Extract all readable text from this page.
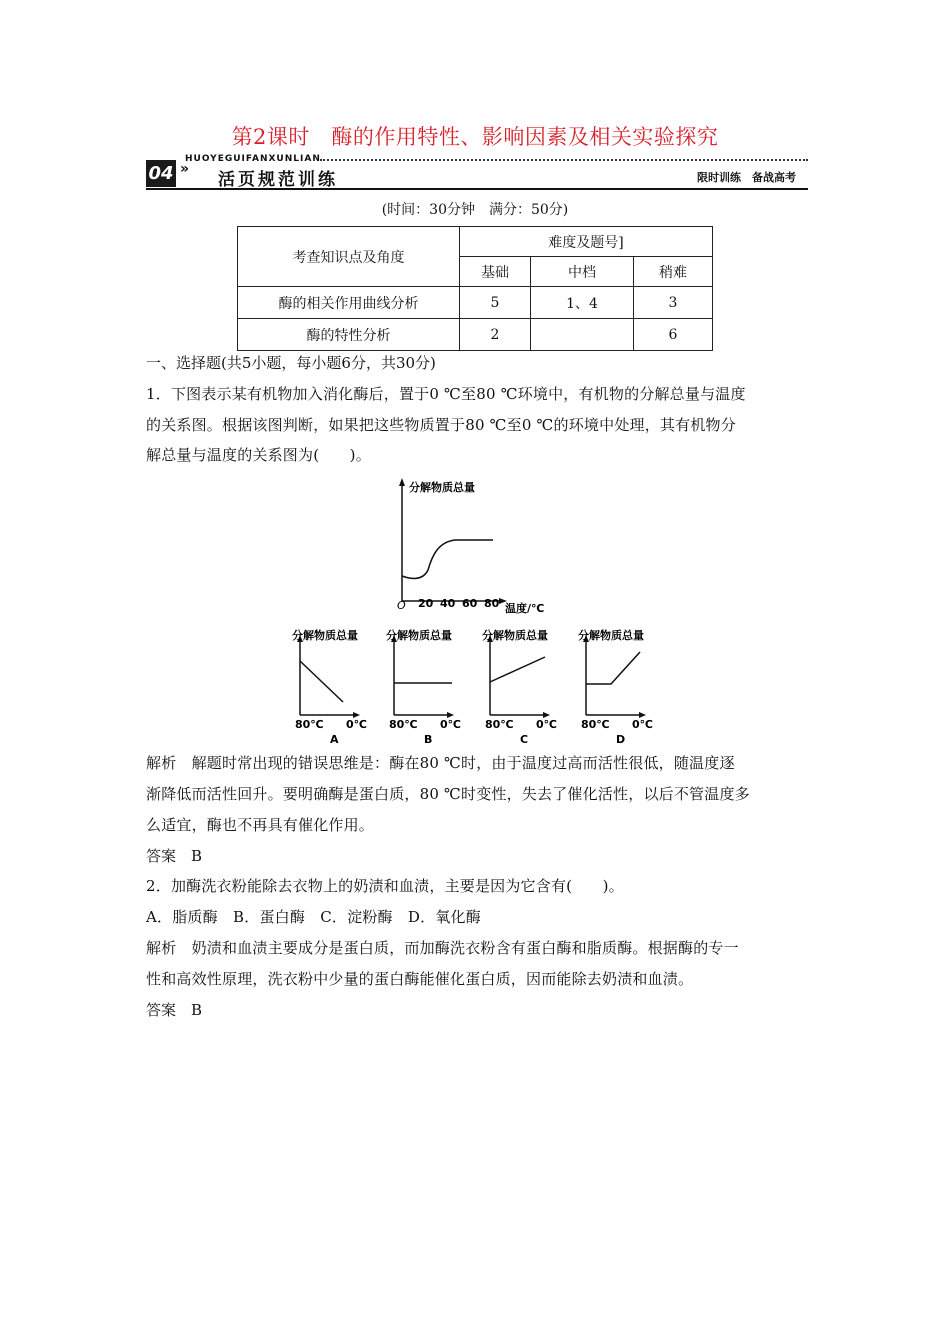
第2课时　酶的作用特性、影响因素及相关实验探究
HUOYEGUIFANXUNLIAN
04 »
活页规范训练	限时训练　备战高考
(时间：30分钟　满分：50分)
考查知识点及角度	难度及题号]		
	基础	中档	稍难
酶的相关作用曲线分析	5	1、4	3
酶的特性分析	2		6
一、选择题(共5小题，每小题6分，共30分)
1．下图表示某有机物加入消化酶后，置于0 ℃至80 ℃环境中，有机物的分解总量与温度
的关系图。根据该图判断，如果把这些物质置于80 ℃至0 ℃的环境中处理，其有机物分
解总量与温度的关系图为(　　)。
分解物质总量
O 20 40 60 80 温度/℃
分解物质总量
80℃ 0℃
A
分解物质总量
80℃ 0℃
B
分解物质总量
80℃ 0℃
C
分解物质总量
80℃ 0℃
D
解析　解题时常出现的错误思维是：酶在80 ℃时，由于温度过高而活性很低，随温度逐
渐降低而活性回升。要明确酶是蛋白质，80 ℃时变性，失去了催化活性，以后不管温度多
么适宜，酶也不再具有催化作用。
答案　B
2．加酶洗衣粉能除去衣物上的奶渍和血渍，主要是因为它含有(　　)。
A．脂质酶　B．蛋白酶　C．淀粉酶　D．氧化酶
解析　奶渍和血渍主要成分是蛋白质，而加酶洗衣粉含有蛋白酶和脂质酶。根据酶的专一
性和高效性原理，洗衣粉中少量的蛋白酶能催化蛋白质，因而能除去奶渍和血渍。
答案　B
